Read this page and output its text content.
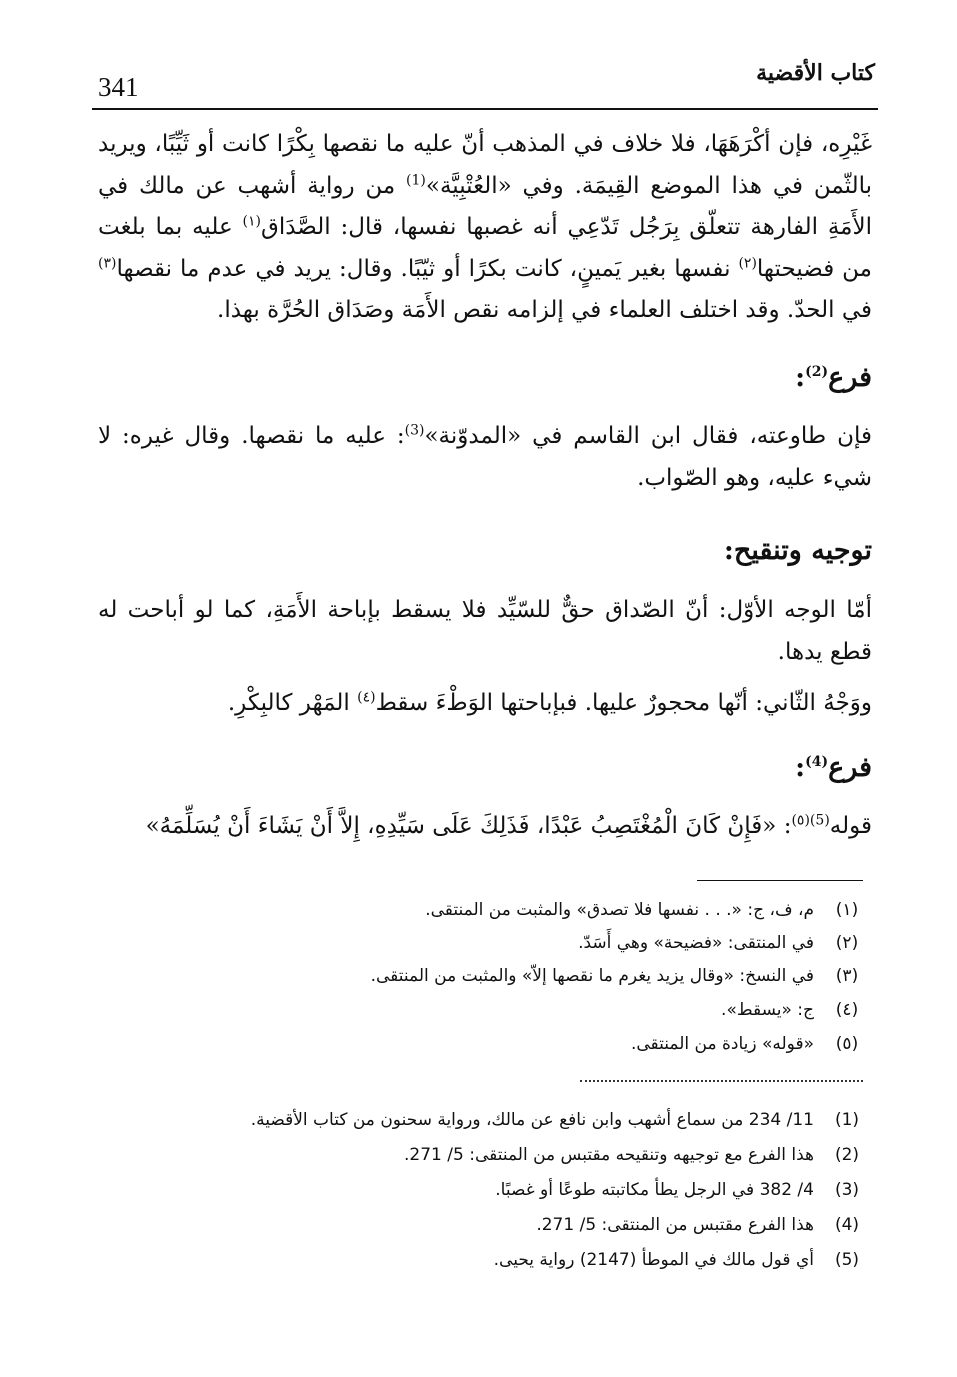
كتاب الأقضية
341
غَيْرِه، فإن أكْرَهَهَا، فلا خلاف في المذهب أنّ عليه ما نقصها بِكْرًا كانت أو ثَيِّبًا، ويريد بالثّمن في هذا الموضع القِيمَة. وفي «العُتْبِيَّة»$^{(1)}$ من رواية أشهب عن مالك في الأَمَةِ الفارهة تتعلّق بِرَجُل تَدّعِي أنه غصبها نفسها، قال: الصَّدَاق$^{(١)}$ عليه بما بلغت من فضيحتها$^{(٢)}$ نفسها بغير يَمينٍ، كانت بكرًا أو ثيّبًا. وقال: يريد في عدم ما نقصها$^{(٣)}$ في الحدّ. وقد اختلف العلماء في إلزامه نقص الأَمَة وصَدَاق الحُرَّة بهذا.
فرع$^{(2)}$:
فإن طاوعته، فقال ابن القاسم في «المدوّنة»$^{(3)}$: عليه ما نقصها. وقال غيره: لا شيء عليه، وهو الصّواب.
توجيه وتنقيح:
أمّا الوجه الأوّل: أنّ الصّداق حقٌّ للسّيِّد فلا يسقط بإباحة الأَمَةِ، كما لو أباحت له قطع يدها.
ووَجْهُ الثّاني: أنّها محجورٌ عليها. فبإباحتها الوَطْءَ سقط$^{(٤)}$ المَهْر كالبِكْرِ.
فرع$^{(4)}$:
قوله$^{(5)(٥)}$: «فَإِنْ كَانَ الْمُغْتَصِبُ عَبْدًا، فَذَلِكَ عَلَى سَيِّدِهِ، إِلاَّ أَنْ يَشَاءَ أَنْ يُسَلِّمَهُ»
(١)
م، ف، ج: «. . . نفسها فلا تصدق» والمثبت من المنتقى.
(٢)
في المنتقى: «فضيحة» وهي أَسَدّ.
(٣)
في النسخ: «وقال يزيد يغرم ما نقصها إلاّ» والمثبت من المنتقى.
(٤)
ج: «يسقط».
(٥)
«قوله» زيادة من المنتقى.
(1)
11/ 234 من سماع أشهب وابن نافع عن مالك، ورواية سحنون من كتاب الأقضية.
(2)
هذا الفرع مع توجيهه وتنقيحه مقتبس من المنتقى: 5/ 271.
(3)
4/ 382 في الرجل يطأ مكاتبته طوعًا أو غصبًا.
(4)
هذا الفرع مقتبس من المنتقى: 5/ 271.
(5)
أي قول مالك في الموطأ (2147) رواية يحيى.
